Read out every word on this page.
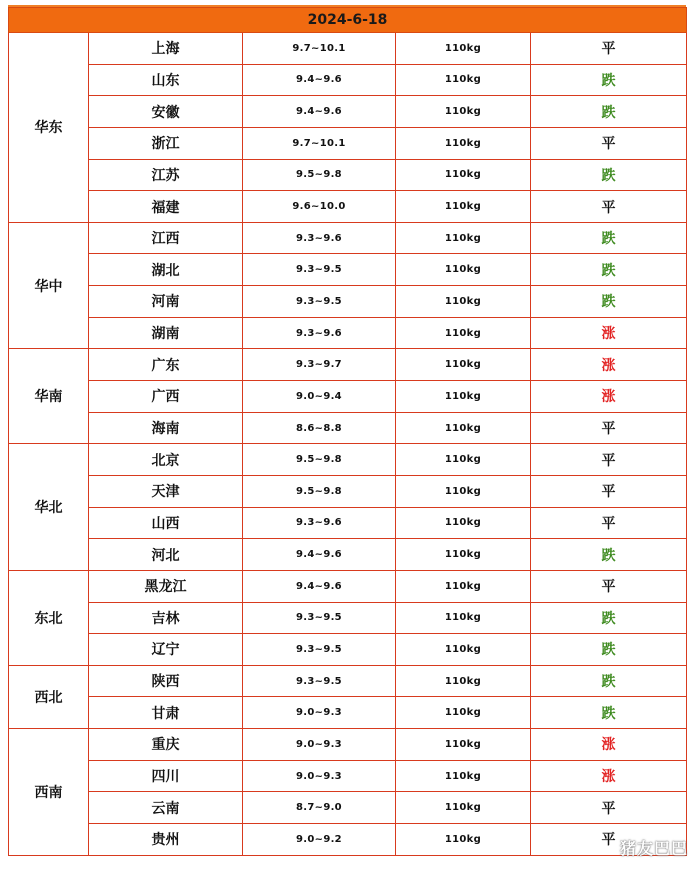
2024-6-18				
华东	上海	9.7~10.1	110kg	平
	山东	9.4~9.6	110kg	跌
	安徽	9.4~9.6	110kg	跌
	浙江	9.7~10.1	110kg	平
	江苏	9.5~9.8	110kg	跌
	福建	9.6~10.0	110kg	平
华中	江西	9.3~9.6	110kg	跌
	湖北	9.3~9.5	110kg	跌
	河南	9.3~9.5	110kg	跌
	湖南	9.3~9.6	110kg	涨
华南	广东	9.3~9.7	110kg	涨
	广西	9.0~9.4	110kg	涨
	海南	8.6~8.8	110kg	平
华北	北京	9.5~9.8	110kg	平
	天津	9.5~9.8	110kg	平
	山西	9.3~9.6	110kg	平
	河北	9.4~9.6	110kg	跌
东北	黑龙江	9.4~9.6	110kg	平
	吉林	9.3~9.5	110kg	跌
	辽宁	9.3~9.5	110kg	跌
西北	陕西	9.3~9.5	110kg	跌
	甘肃	9.0~9.3	110kg	跌
西南	重庆	9.0~9.3	110kg	涨
	四川	9.0~9.3	110kg	涨
	云南	8.7~9.0	110kg	平
	贵州	9.0~9.2	110kg	平 猪友巴巴
